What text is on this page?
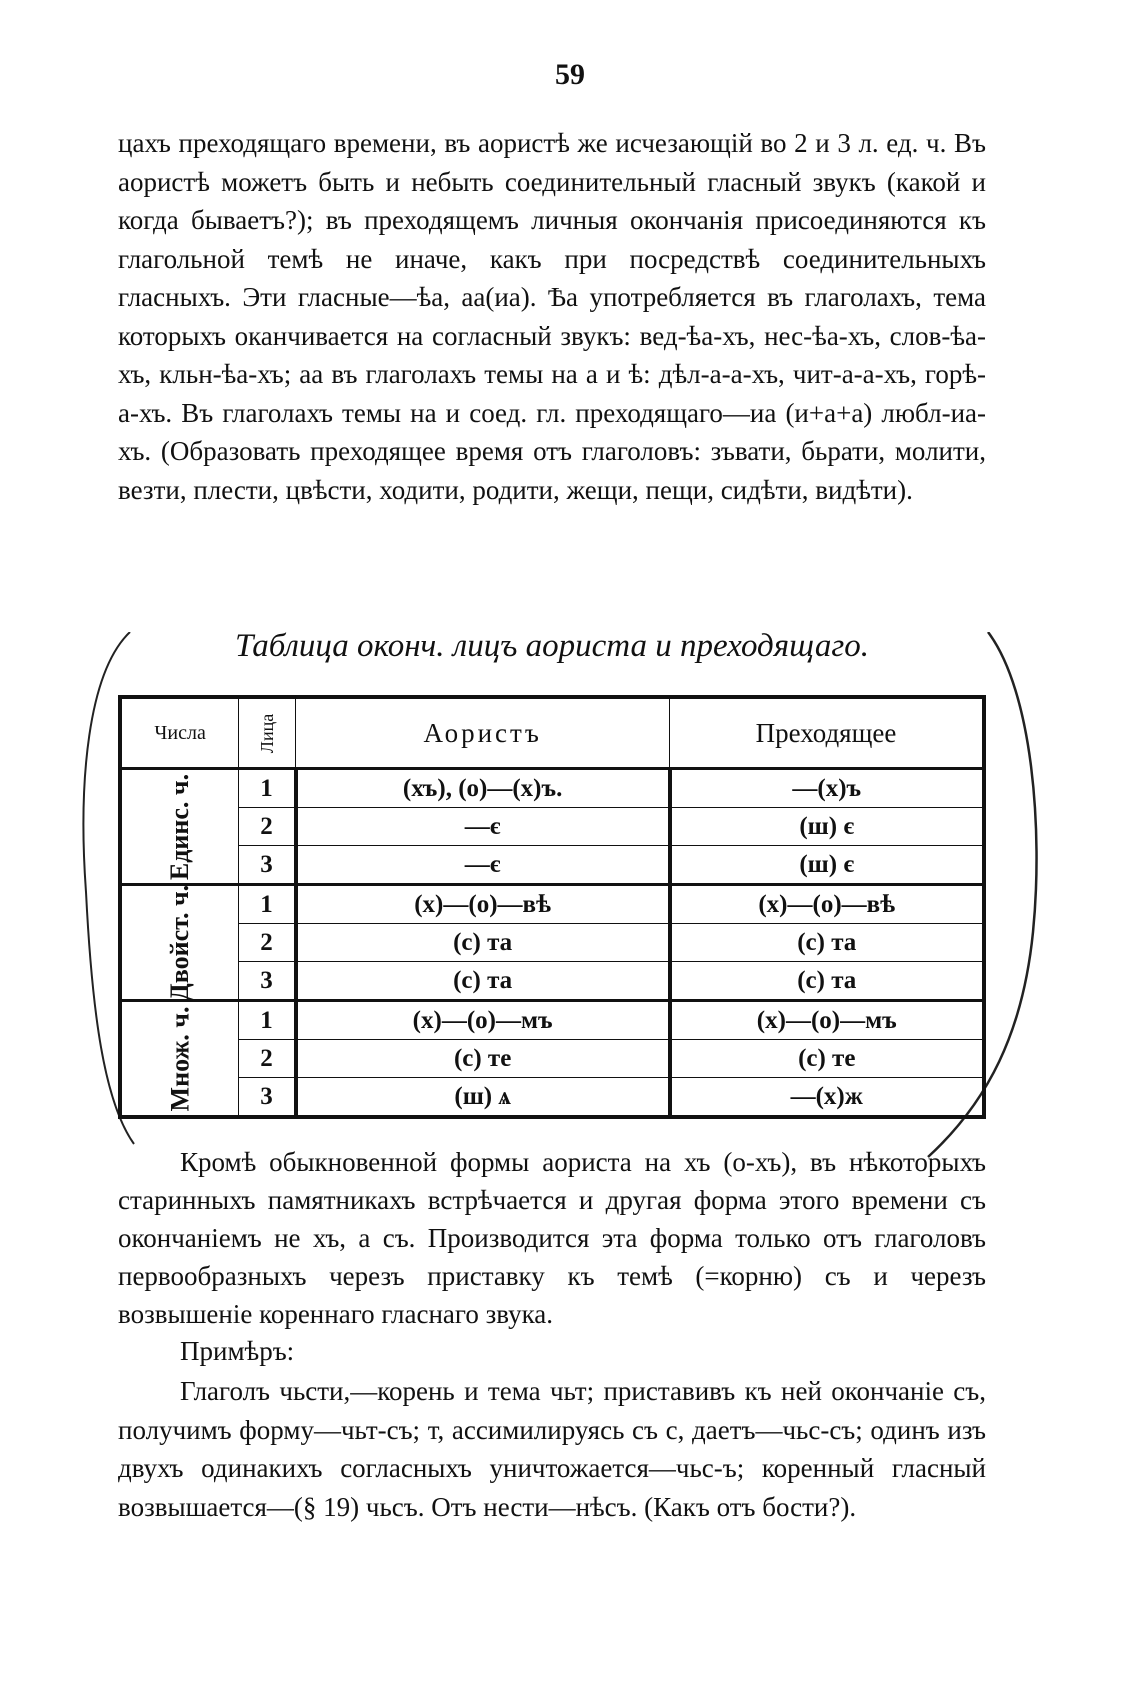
59

цахъ преходящаго времени, въ аористѣ же исчезающій во 2 и 3 л. ед. ч. Въ аористѣ можетъ быть и небыть соединительный гласный звукъ (какой и когда бываетъ?); въ преходящемъ личныя окончанія присоединяются къ глагольной темѣ не иначе, какъ при посредствѣ соединительныхъ гласныхъ. Эти гласные—ѣа, аа(иа). Ѣа употребляется въ глаголахъ, тема которыхъ оканчивается на согласный звукъ: вед-ѣа-хъ, нес-ѣа-хъ, слов-ѣа-хъ, кльн-ѣа-хъ; аа въ глаголахъ темы на а и ѣ: дѣл-а-а-хъ, чит-а-а-хъ, горѣ-а-хъ. Въ глаголахъ темы на и соед. гл. преходящаго—иа (и+а+а) любл-иа-хъ. (Образовать преходящее время отъ глаголовъ: зъвати, бьрати, молити, везти, плести, цвѣсти, ходити, родити, жещи, пещи, сидѣти, видѣти).

Таблица оконч. лицъ аориста и преходящаго.
Числа	Лица	Аористъ	Преходящее
Единс. ч.	1	(хъ), (о)—(х)ъ.	—(х)ъ
	2	—є	(ш) є
	3	—є	(ш) є
Двойст. ч.	1	(х)—(о)—вѣ	(х)—(о)—вѣ
	2	(с) та	(с) та
	3	(с) та	(с) та
Множ. ч.	1	(х)—(о)—мъ	(х)—(о)—мъ
	2	(с) те	(с) те
	3	(ш) ѧ	—(х)ж

Кромѣ обыкновенной формы аориста на хъ (о-хъ), въ нѣкоторыхъ старинныхъ памятникахъ встрѣчается и другая форма этого времени съ окончаніемъ не хъ, а съ. Производится эта форма только отъ глаголовъ первообразныхъ черезъ приставку къ темѣ (=корню) съ и черезъ возвышеніе кореннаго гласнаго звука.

Примѣръ:

Глаголъ чьсти,—корень и тема чьт; приставивъ къ ней окончаніе съ, получимъ форму—чьт-съ; т, ассимилируясь съ с, даетъ—чьс-съ; одинъ изъ двухъ одинакихъ согласныхъ уничтожается—чьс-ъ; коренный гласный возвышается—(§ 19) чьсъ. Отъ нести—нѣсъ. (Какъ отъ бости?).
